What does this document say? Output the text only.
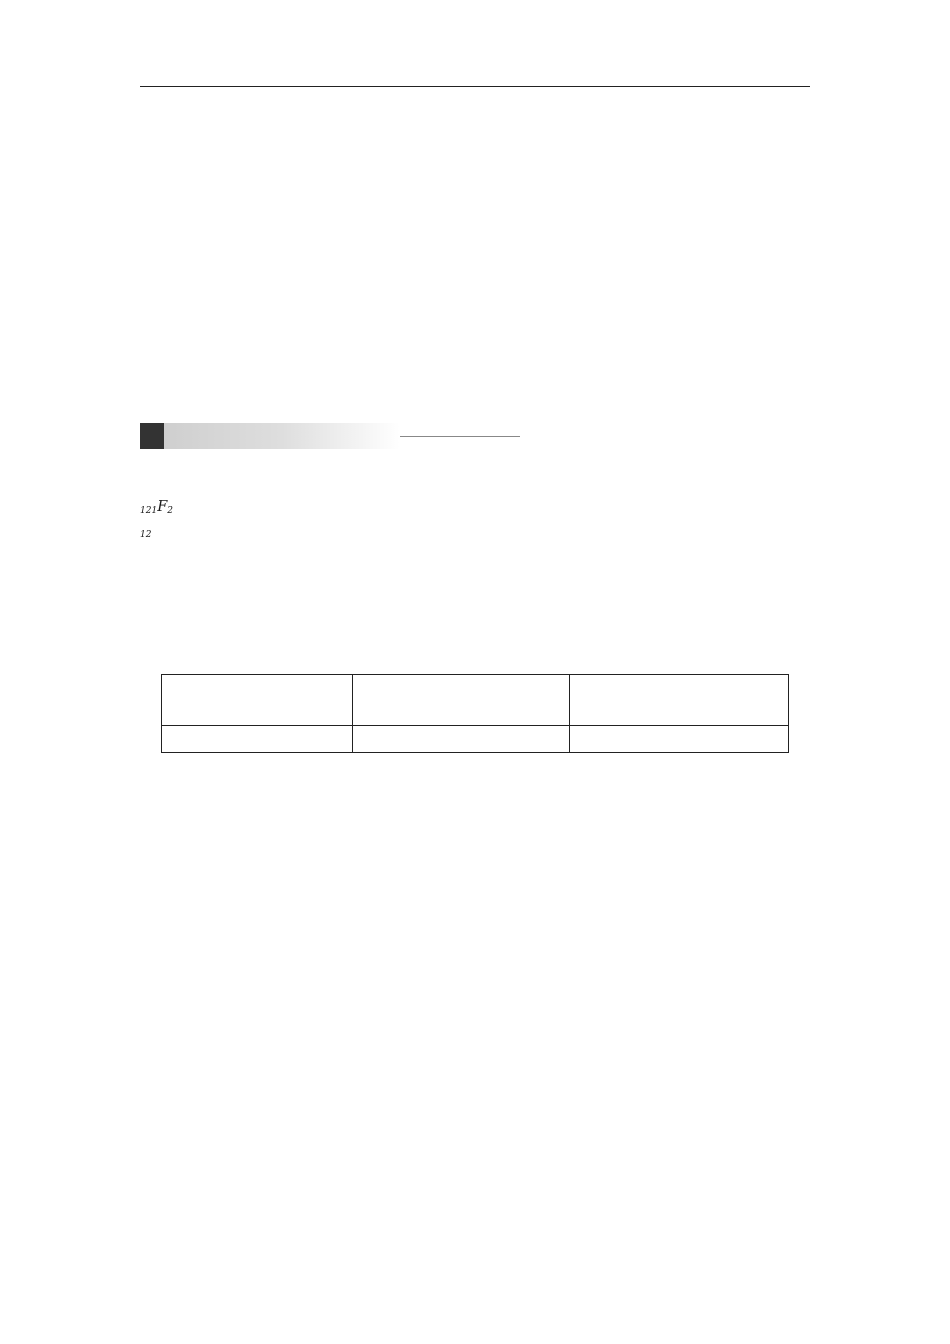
$_{121}F_2$
$_{12}$
